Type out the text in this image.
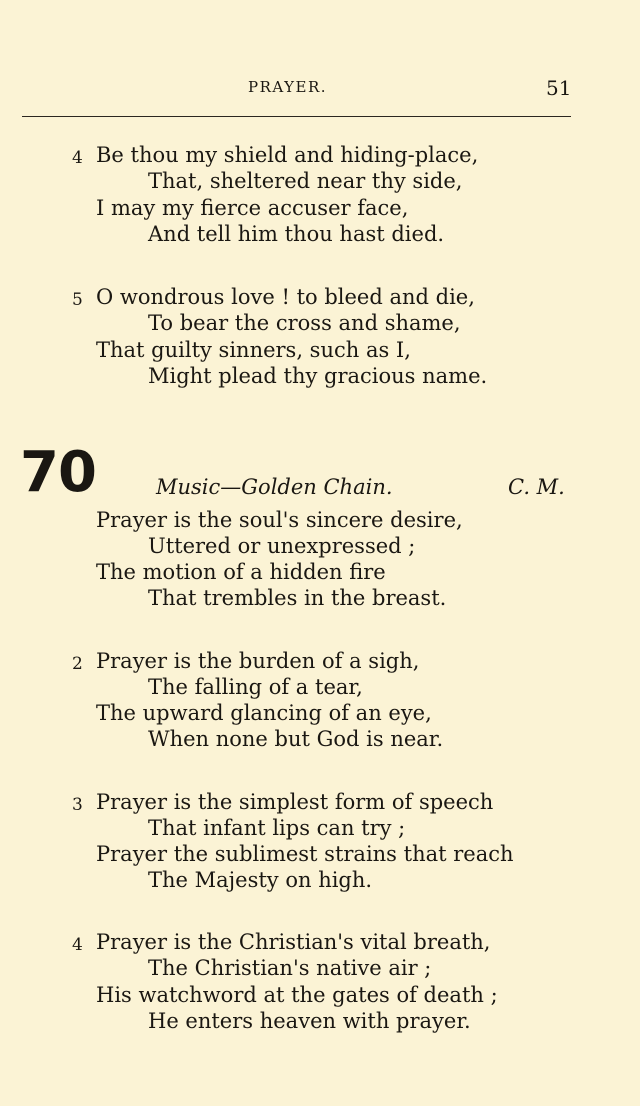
PRAYER.	51
4 Be thou my shield and hiding-place,
That, sheltered near thy side,
I may my fierce accuser face,
And tell him thou hast died.
5 O wondrous love ! to bleed and die,
To bear the cross and shame,
That guilty sinners, such as I,
Might plead thy gracious name.
70	Music—Golden Chain.	C. M.
Prayer is the soul's sincere desire,
Uttered or unexpressed ;
The motion of a hidden fire
That trembles in the breast.
2 Prayer is the burden of a sigh,
The falling of a tear,
The upward glancing of an eye,
When none but God is near.
3 Prayer is the simplest form of speech
That infant lips can try ;
Prayer the sublimest strains that reach
The Majesty on high.
4 Prayer is the Christian's vital breath,
The Christian's native air ;
His watchword at the gates of death ;
He enters heaven with prayer.
